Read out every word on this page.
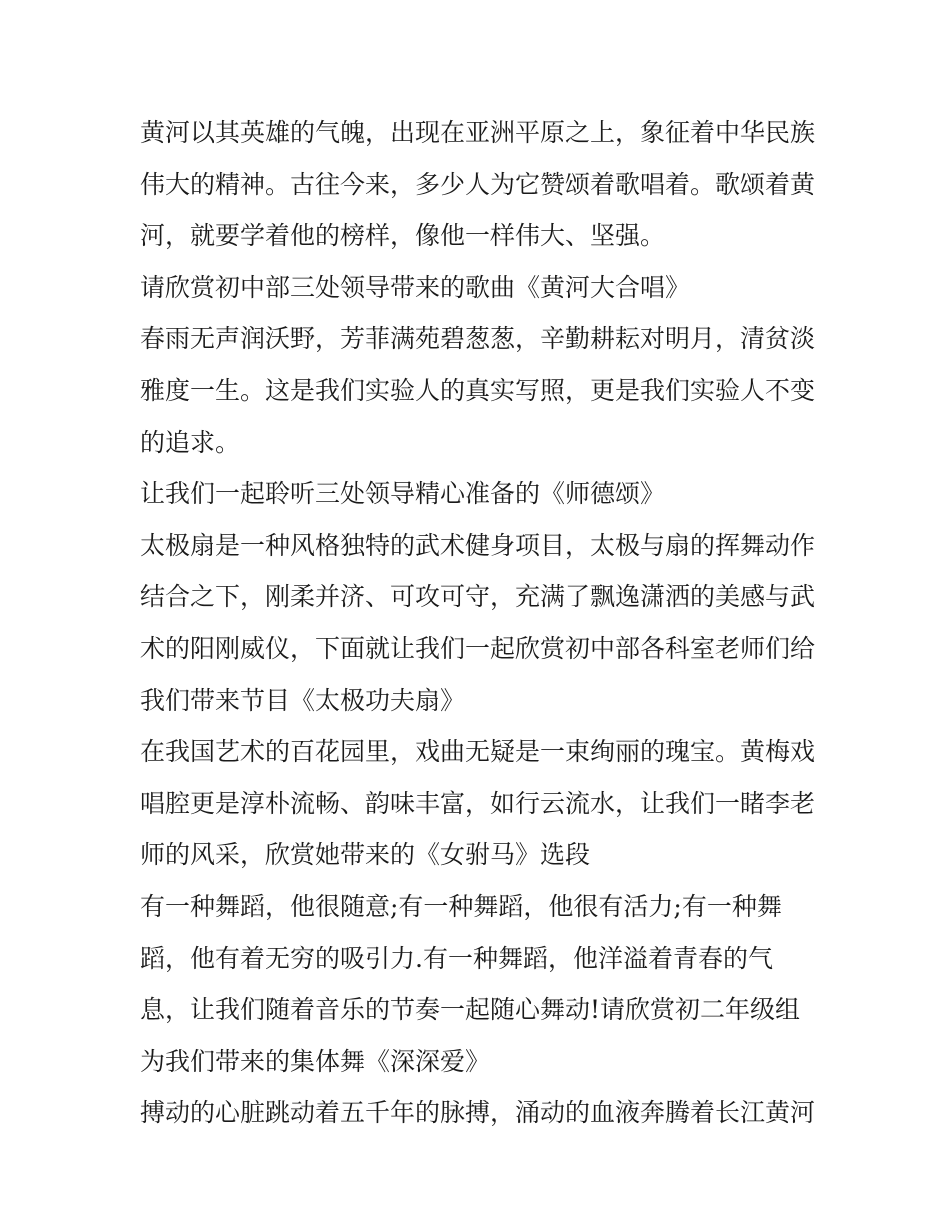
黄河以其英雄的气魄，出现在亚洲平原之上，象征着中华民族
伟大的精神。古往今来，多少人为它赞颂着歌唱着。歌颂着黄
河，就要学着他的榜样，像他一样伟大、坚强。
请欣赏初中部三处领导带来的歌曲《黄河大合唱》
春雨无声润沃野，芳菲满苑碧葱葱，辛勤耕耘对明月，清贫淡
雅度一生。这是我们实验人的真实写照，更是我们实验人不变
的追求。
让我们一起聆听三处领导精心准备的《师德颂》
太极扇是一种风格独特的武术健身项目，太极与扇的挥舞动作
结合之下，刚柔并济、可攻可守，充满了飘逸潇洒的美感与武
术的阳刚威仪，下面就让我们一起欣赏初中部各科室老师们给
我们带来节目《太极功夫扇》
在我国艺术的百花园里，戏曲无疑是一束绚丽的瑰宝。黄梅戏
唱腔更是淳朴流畅、韵味丰富，如行云流水，让我们一睹李老
师的风采，欣赏她带来的《女驸马》选段
有一种舞蹈，他很随意;有一种舞蹈，他很有活力;有一种舞
蹈，他有着无穷的吸引力.有一种舞蹈，他洋溢着青春的气
息，让我们随着音乐的节奏一起随心舞动!请欣赏初二年级组
为我们带来的集体舞《深深爱》
搏动的心脏跳动着五千年的脉搏，涌动的血液奔腾着长江黄河
